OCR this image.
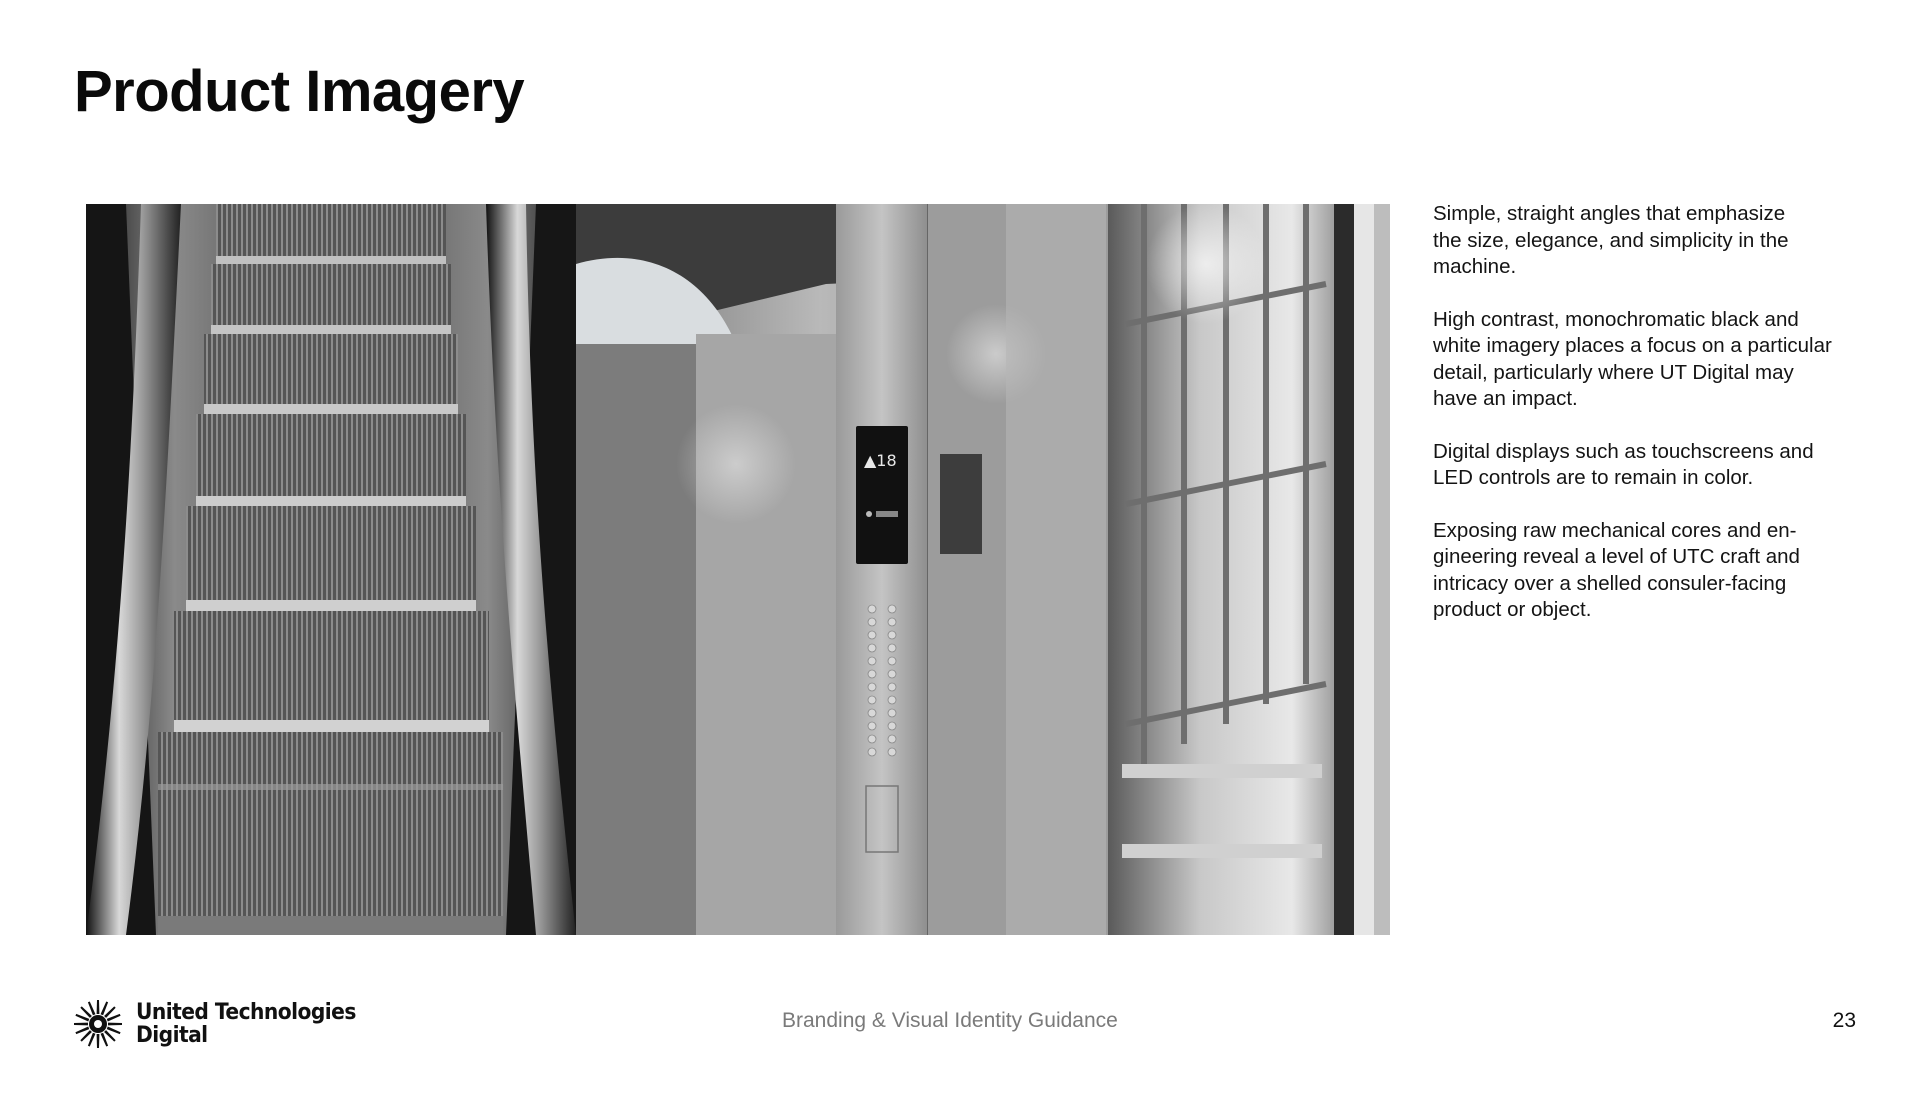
Product Imagery
▲18

Simple, straight angles that emphasize
the size, elegance, and simplicity in the
machine.

High contrast, monochromatic black and
white imagery places a focus on a particular
detail, particularly where UT Digital may
have an impact.

Digital displays such as touchscreens and
LED controls are to remain in color.

Exposing raw mechanical cores and en-
gineering reveal a level of UTC craft and
intricacy over a shelled consuler-facing
product or object.

United Technologies
Digital
Branding & Visual Identity Guidance	23
